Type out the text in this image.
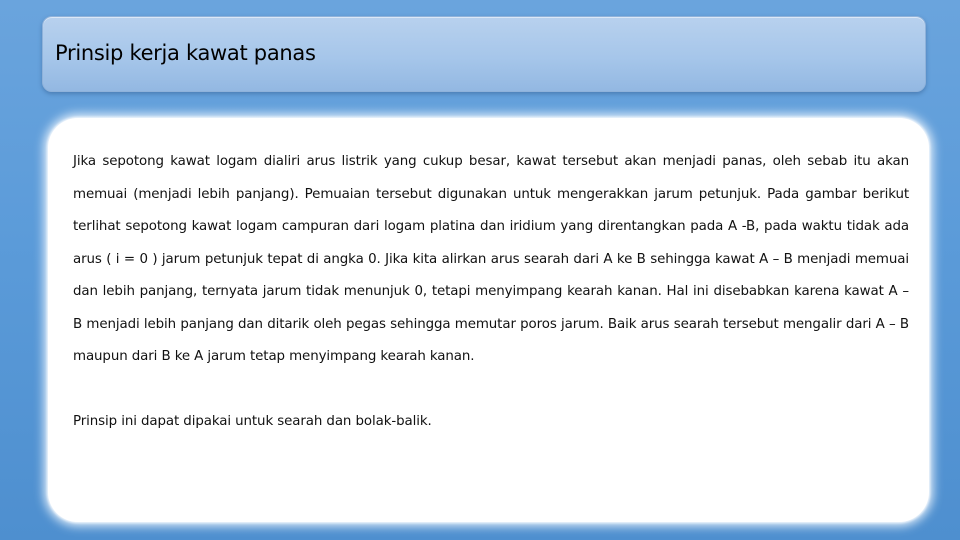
Prinsip kerja kawat panas

Jika sepotong kawat logam dialiri arus listrik yang cukup besar, kawat tersebut akan menjadi panas, oleh sebab itu akan memuai (menjadi lebih panjang). Pemuaian tersebut digunakan untuk mengerakkan jarum petunjuk. Pada gambar berikut terlihat sepotong kawat logam campuran dari logam platina dan iridium yang direntangkan pada A -B, pada waktu tidak ada arus ( i = 0 ) jarum petunjuk tepat di angka 0. Jika kita alirkan arus searah dari A ke B sehingga kawat A – B menjadi memuai dan lebih panjang, ternyata jarum tidak menunjuk 0, tetapi menyimpang kearah kanan. Hal ini disebabkan karena kawat A – B menjadi lebih panjang dan ditarik oleh pegas sehingga memutar poros jarum. Baik arus searah tersebut mengalir dari A – B maupun dari B ke A jarum tetap menyimpang kearah kanan.

Prinsip ini dapat dipakai untuk searah dan bolak-balik.
